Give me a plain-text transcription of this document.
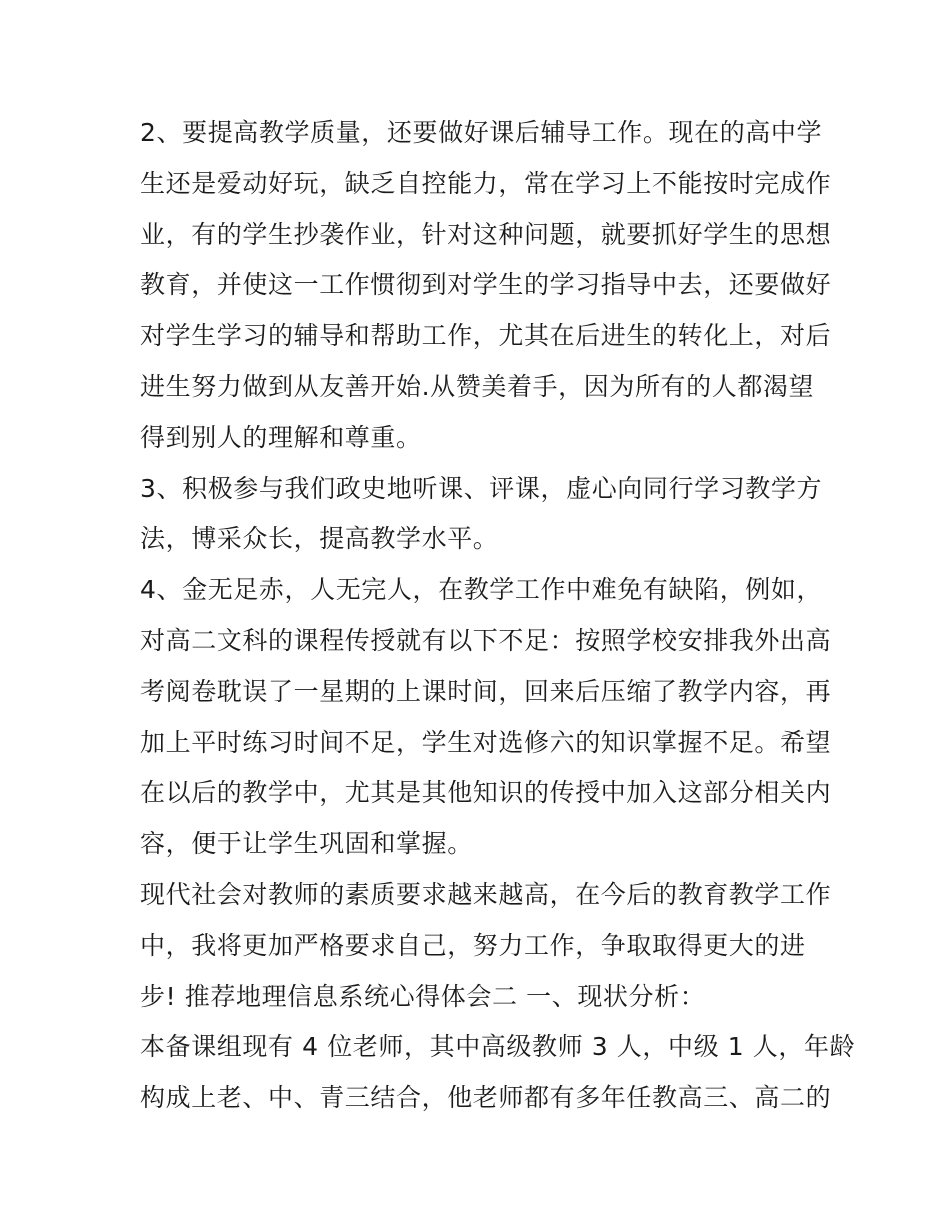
2、要提高教学质量，还要做好课后辅导工作。现在的高中学

生还是爱动好玩，缺乏自控能力，常在学习上不能按时完成作

业，有的学生抄袭作业，针对这种问题，就要抓好学生的思想

教育，并使这一工作惯彻到对学生的学习指导中去，还要做好

对学生学习的辅导和帮助工作，尤其在后进生的转化上，对后

进生努力做到从友善开始.从赞美着手，因为所有的人都渴望

得到别人的理解和尊重。

3、积极参与我们政史地听课、评课，虚心向同行学习教学方

法，博采众长，提高教学水平。

4、金无足赤，人无完人，在教学工作中难免有缺陷，例如，

对高二文科的课程传授就有以下不足：按照学校安排我外出高

考阅卷耽误了一星期的上课时间，回来后压缩了教学内容，再

加上平时练习时间不足，学生对选修六的知识掌握不足。希望

在以后的教学中，尤其是其他知识的传授中加入这部分相关内

容，便于让学生巩固和掌握。

现代社会对教师的素质要求越来越高，在今后的教育教学工作

中，我将更加严格要求自己，努力工作，争取取得更大的进

步! 推荐地理信息系统心得体会二 一、现状分析：

本备课组现有 4 位老师，其中高级教师 3 人，中级 1 人，年龄

构成上老、中、青三结合，他老师都有多年任教高三、高二的
